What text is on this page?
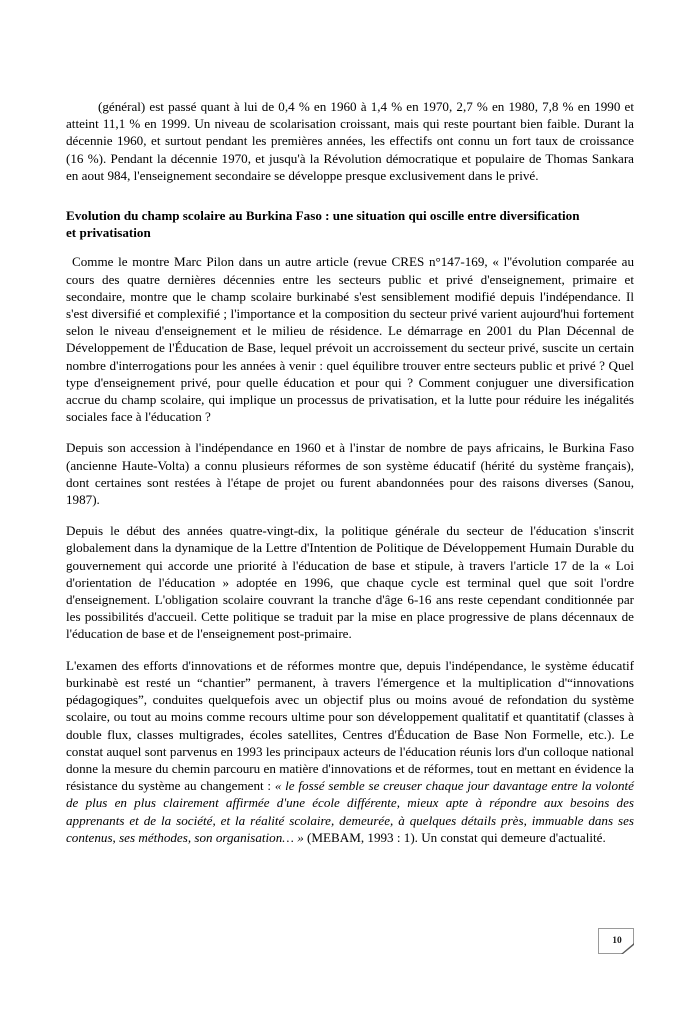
(général) est passé quant à lui de 0,4 % en 1960 à 1,4 % en 1970, 2,7 % en 1980, 7,8 % en 1990 et atteint 11,1 % en 1999. Un niveau de scolarisation croissant, mais qui reste pourtant bien faible. Durant la décennie 1960, et surtout pendant les premières années, les effectifs ont connu un fort taux de croissance (16 %). Pendant la décennie 1970, et jusqu'à la Révolution démocratique et populaire de Thomas Sankara en aout 984, l'enseignement secondaire se développe presque exclusivement dans le privé.

Evolution du champ scolaire au Burkina Faso : une situation qui oscille entre diversification et privatisation

Comme le montre Marc Pilon dans un autre article (revue CRES n°147-169, « l''évolution comparée au cours des quatre dernières décennies entre les secteurs public et privé d'enseignement, primaire et secondaire, montre que le champ scolaire burkinabé s'est sensiblement modifié depuis l'indépendance. Il s'est diversifié et complexifié ; l'importance et la composition du secteur privé varient aujourd'hui fortement selon le niveau d'enseignement et le milieu de résidence. Le démarrage en 2001 du Plan Décennal de Développement de l'Éducation de Base, lequel prévoit un accroissement du secteur privé, suscite un certain nombre d'interrogations pour les années à venir : quel équilibre trouver entre secteurs public et privé ? Quel type d'enseignement privé, pour quelle éducation et pour qui ? Comment conjuguer une diversification accrue du champ scolaire, qui implique un processus de privatisation, et la lutte pour réduire les inégalités sociales face à l'éducation ?

Depuis son accession à l'indépendance en 1960 et à l'instar de nombre de pays africains, le Burkina Faso (ancienne Haute-Volta) a connu plusieurs réformes de son système éducatif (hérité du système français), dont certaines sont restées à l'étape de projet ou furent abandonnées pour des raisons diverses (Sanou, 1987).

Depuis le début des années quatre-vingt-dix, la politique générale du secteur de l'éducation s'inscrit globalement dans la dynamique de la Lettre d'Intention de Politique de Développement Humain Durable du gouvernement qui accorde une priorité à l'éducation de base et stipule, à travers l'article 17 de la « Loi d'orientation de l'éducation » adoptée en 1996, que chaque cycle est terminal quel que soit l'ordre d'enseignement. L'obligation scolaire couvrant la tranche d'âge 6-16 ans reste cependant conditionnée par les possibilités d'accueil. Cette politique se traduit par la mise en place progressive de plans décennaux de l'éducation de base et de l'enseignement post-primaire.

L'examen des efforts d'innovations et de réformes montre que, depuis l'indépendance, le système éducatif burkinabè est resté un “chantier” permanent, à travers l'émergence et la multiplication d'“innovations pédagogiques”, conduites quelquefois avec un objectif plus ou moins avoué de refondation du système scolaire, ou tout au moins comme recours ultime pour son développement qualitatif et quantitatif (classes à double flux, classes multigrades, écoles satellites, Centres d'Éducation de Base Non Formelle, etc.). Le constat auquel sont parvenus en 1993 les principaux acteurs de l'éducation réunis lors d'un colloque national donne la mesure du chemin parcouru en matière d'innovations et de réformes, tout en mettant en évidence la résistance du système au changement : « le fossé semble se creuser chaque jour davantage entre la volonté de plus en plus clairement affirmée d'une école différente, mieux apte à répondre aux besoins des apprenants et de la société, et la réalité scolaire, demeurée, à quelques détails près, immuable dans ses contenus, ses méthodes, son organisation… » (MEBAM, 1993 : 1). Un constat qui demeure d'actualité.

10
